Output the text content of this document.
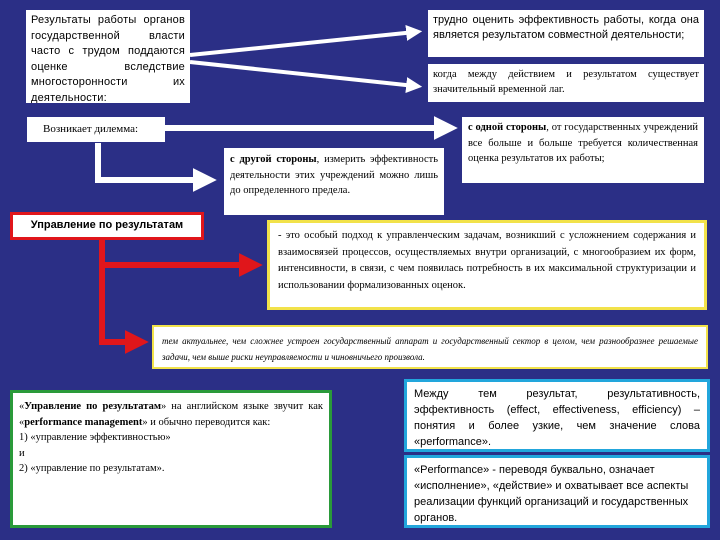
Результаты работы органов государственной власти часто с трудом поддаются оценке вследствие многосторонности их деятельности:

трудно оценить эффективность работы, когда она является результатом совместной деятельности;

когда между действием и результатом существует значительный временной лаг.

Возникает дилемма:	с одной стороны, от государственных учреждений все больше и больше требуется количественная оценка результатов их работы;

с другой стороны, измерить эффективность деятельности этих учреждений можно лишь до определенного предела.

Управление по результатам

- это особый подход к управленческим задачам, возникший с усложнением содержания и взаимосвязей процессов, осуществляемых внутри организаций, с многообразием их форм, интенсивности, в связи, с чем появилась потребность в их максимальной структуризации и использовании формализованных оценок.

тем актуальнее, чем сложнее устроен государственный аппарат и государственный сектор в целом, чем разнообразнее решаемые задачи, чем выше риски неуправляемости и чиновничьего произвола.

«Управление по результатам» на английском языке звучит как «performance management» и обычно переводится как:

1) «управление эффективностью»

и

2) «управление по результатам».

Между тем результат, результативность, эффективность (effect, effectiveness, efficiency) – понятия и более узкие, чем значение слова «performance».

«Performance» - переводя буквально, означает «исполнение», «действие» и охватывает все аспекты реализации функций организаций и государственных органов.
